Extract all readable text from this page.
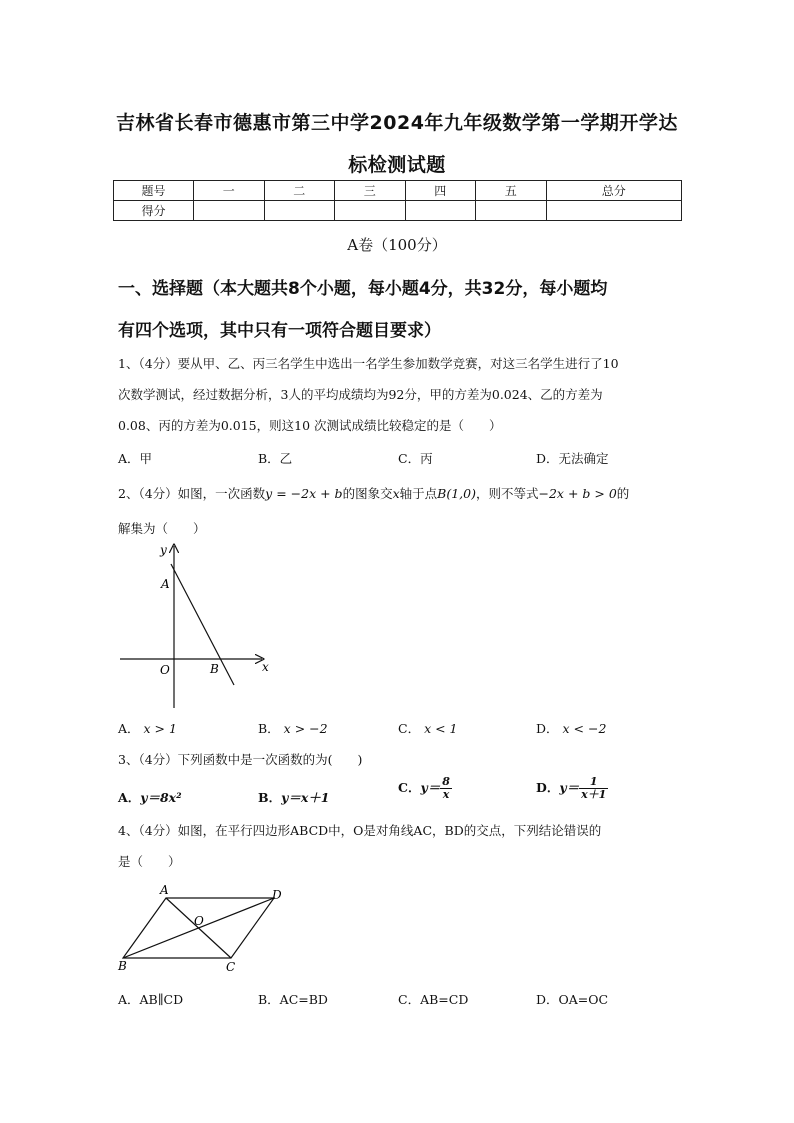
吉林省长春市德惠市第三中学2024年九年级数学第一学期开学达
标检测试题
题号	一	二	三	四	五	总分
得分						
A卷（100分）
一、选择题（本大题共8个小题，每小题4分，共32分，每小题均
有四个选项，其中只有一项符合题目要求）
1、（4分）要从甲、乙、丙三名学生中选出一名学生参加数学竞赛，对这三名学生进行了10
次数学测试，经过数据分析，3人的平均成绩均为92分，甲的方差为0.024、乙的方差为
0.08、丙的方差为0.015，则这10 次测试成绩比较稳定的是（　　）
A．甲	B．乙	C．丙	D．无法确定
2、（4分）如图，一次函数y = −2x + b的图象交x轴于点B(1,0)，则不等式−2x + b > 0的
解集为（　　）
y
x
A
O	B
A． x > 1	B． x > −2	C． x < 1	D． x < −2
3、（4分）下列函数中是一次函数的为(　　)
A．y＝8x²	B．y＝x＋1
C．$y= \frac{8}{x}$	D．$y= \frac{1}{x+1}$
4、（4分）如图，在平行四边形ABCD中，O是对角线AC，BD的交点，下列结论错误的
是（　　）
A	D
B	C
O
A．AB∥CD	B．AC=BD	C．AB=CD	D．OA=OC
